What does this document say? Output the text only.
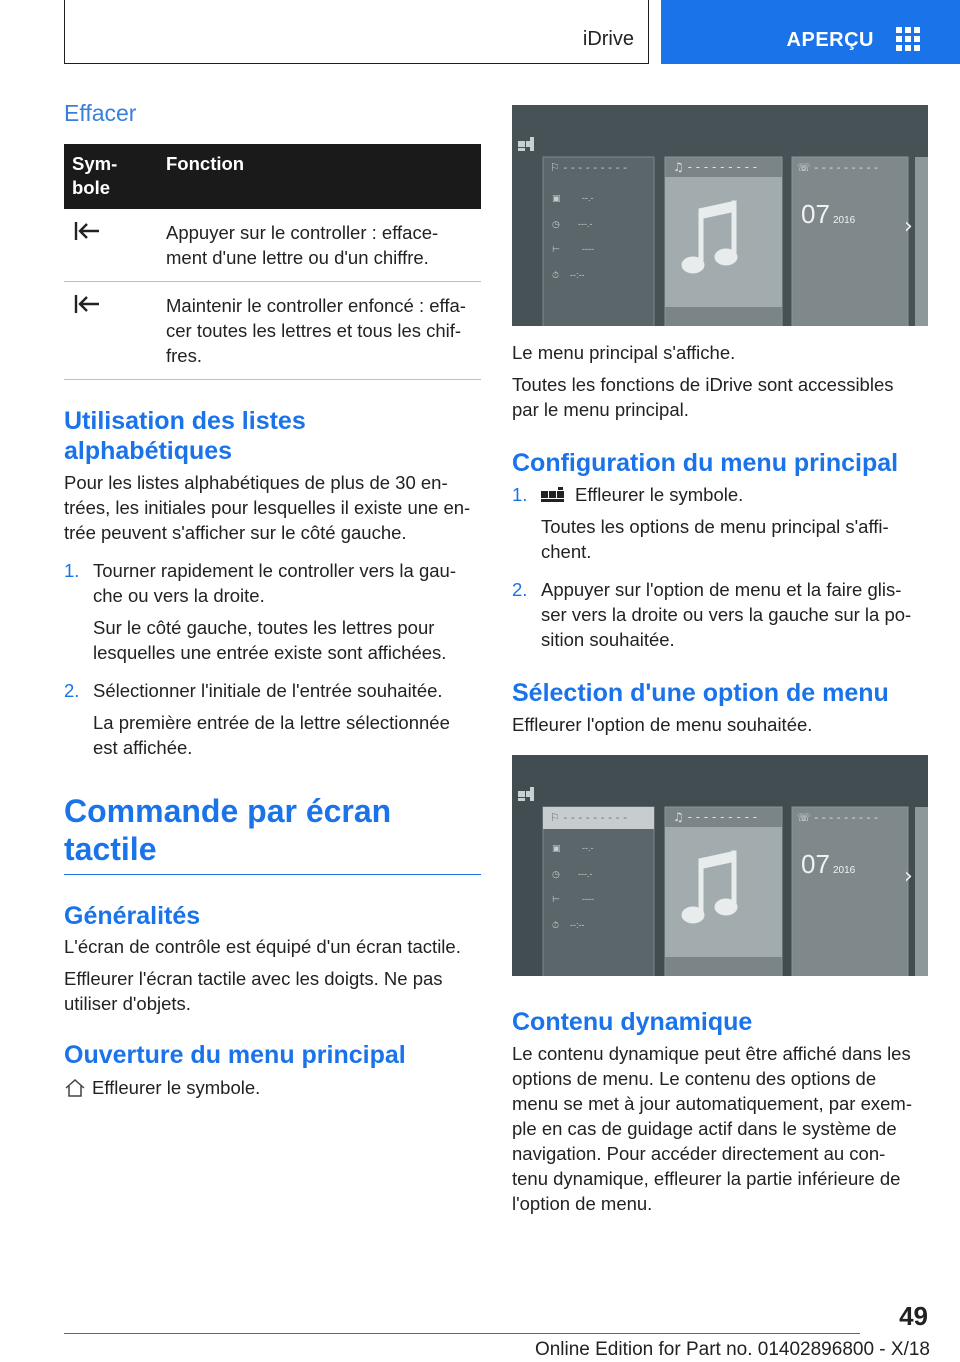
iDrive	APERÇU
Effacer
Sym-
bole	Fonction
	Appuyer sur le controller : efface-
ment d'une lettre ou d'un chiffre.
	Maintenir le controller enfoncé : effa-
cer toutes les lettres et tous les chif-
fres.
Utilisation des listes
alphabétiques

Pour les listes alphabétiques de plus de 30 en-
trées, les initiales pour lesquelles il existe une en-
trée peuvent s'afficher sur le côté gauche.

1. Tourner rapidement le controller vers la gau-
che ou vers la droite.

Sur le côté gauche, toutes les lettres pour
lesquelles une entrée existe sont affichées.

2. Sélectionner l'initiale de l'entrée souhaitée.

La première entrée de la lettre sélectionnée
est affichée.

Commande par écran
tactile
Généralités

L'écran de contrôle est équipé d'un écran tactile.

Effleurer l'écran tactile avec les doigts. Ne pas
utiliser d'objets.

Ouverture du menu principal

Effleurer le symbole.

⚐ - - - - - - - - -
▣ --.-
◷ ---.-
⊢ ----
⏱ --:--
♫ - - - - - - - - -	☏ - - - - - - - - -
07 2016 ›

Le menu principal s'affiche.

Toutes les fonctions de iDrive sont accessibles
par le menu principal.

Configuration du menu principal
1.	Effleurer le symbole.

Toutes les options de menu principal s'affi-
chent.

2. Appuyer sur l'option de menu et la faire glis-
ser vers la droite ou vers la gauche sur la po-
sition souhaitée.

Sélection d'une option de menu

Effleurer l'option de menu souhaitée.

⚐ - - - - - - - - -
▣ --.-
◷ ---.-
⊢ ----
⏱ --:--
♫ - - - - - - - - -	☏ - - - - - - - - -
07 2016 ›
Contenu dynamique

Le contenu dynamique peut être affiché dans les
options de menu. Le contenu des options de
menu se met à jour automatiquement, par exem-
ple en cas de guidage actif dans le système de
navigation. Pour accéder directement au con-
tenu dynamique, effleurer la partie inférieure de
l'option de menu.

49
Online Edition for Part no. 01402896800 - X/18
